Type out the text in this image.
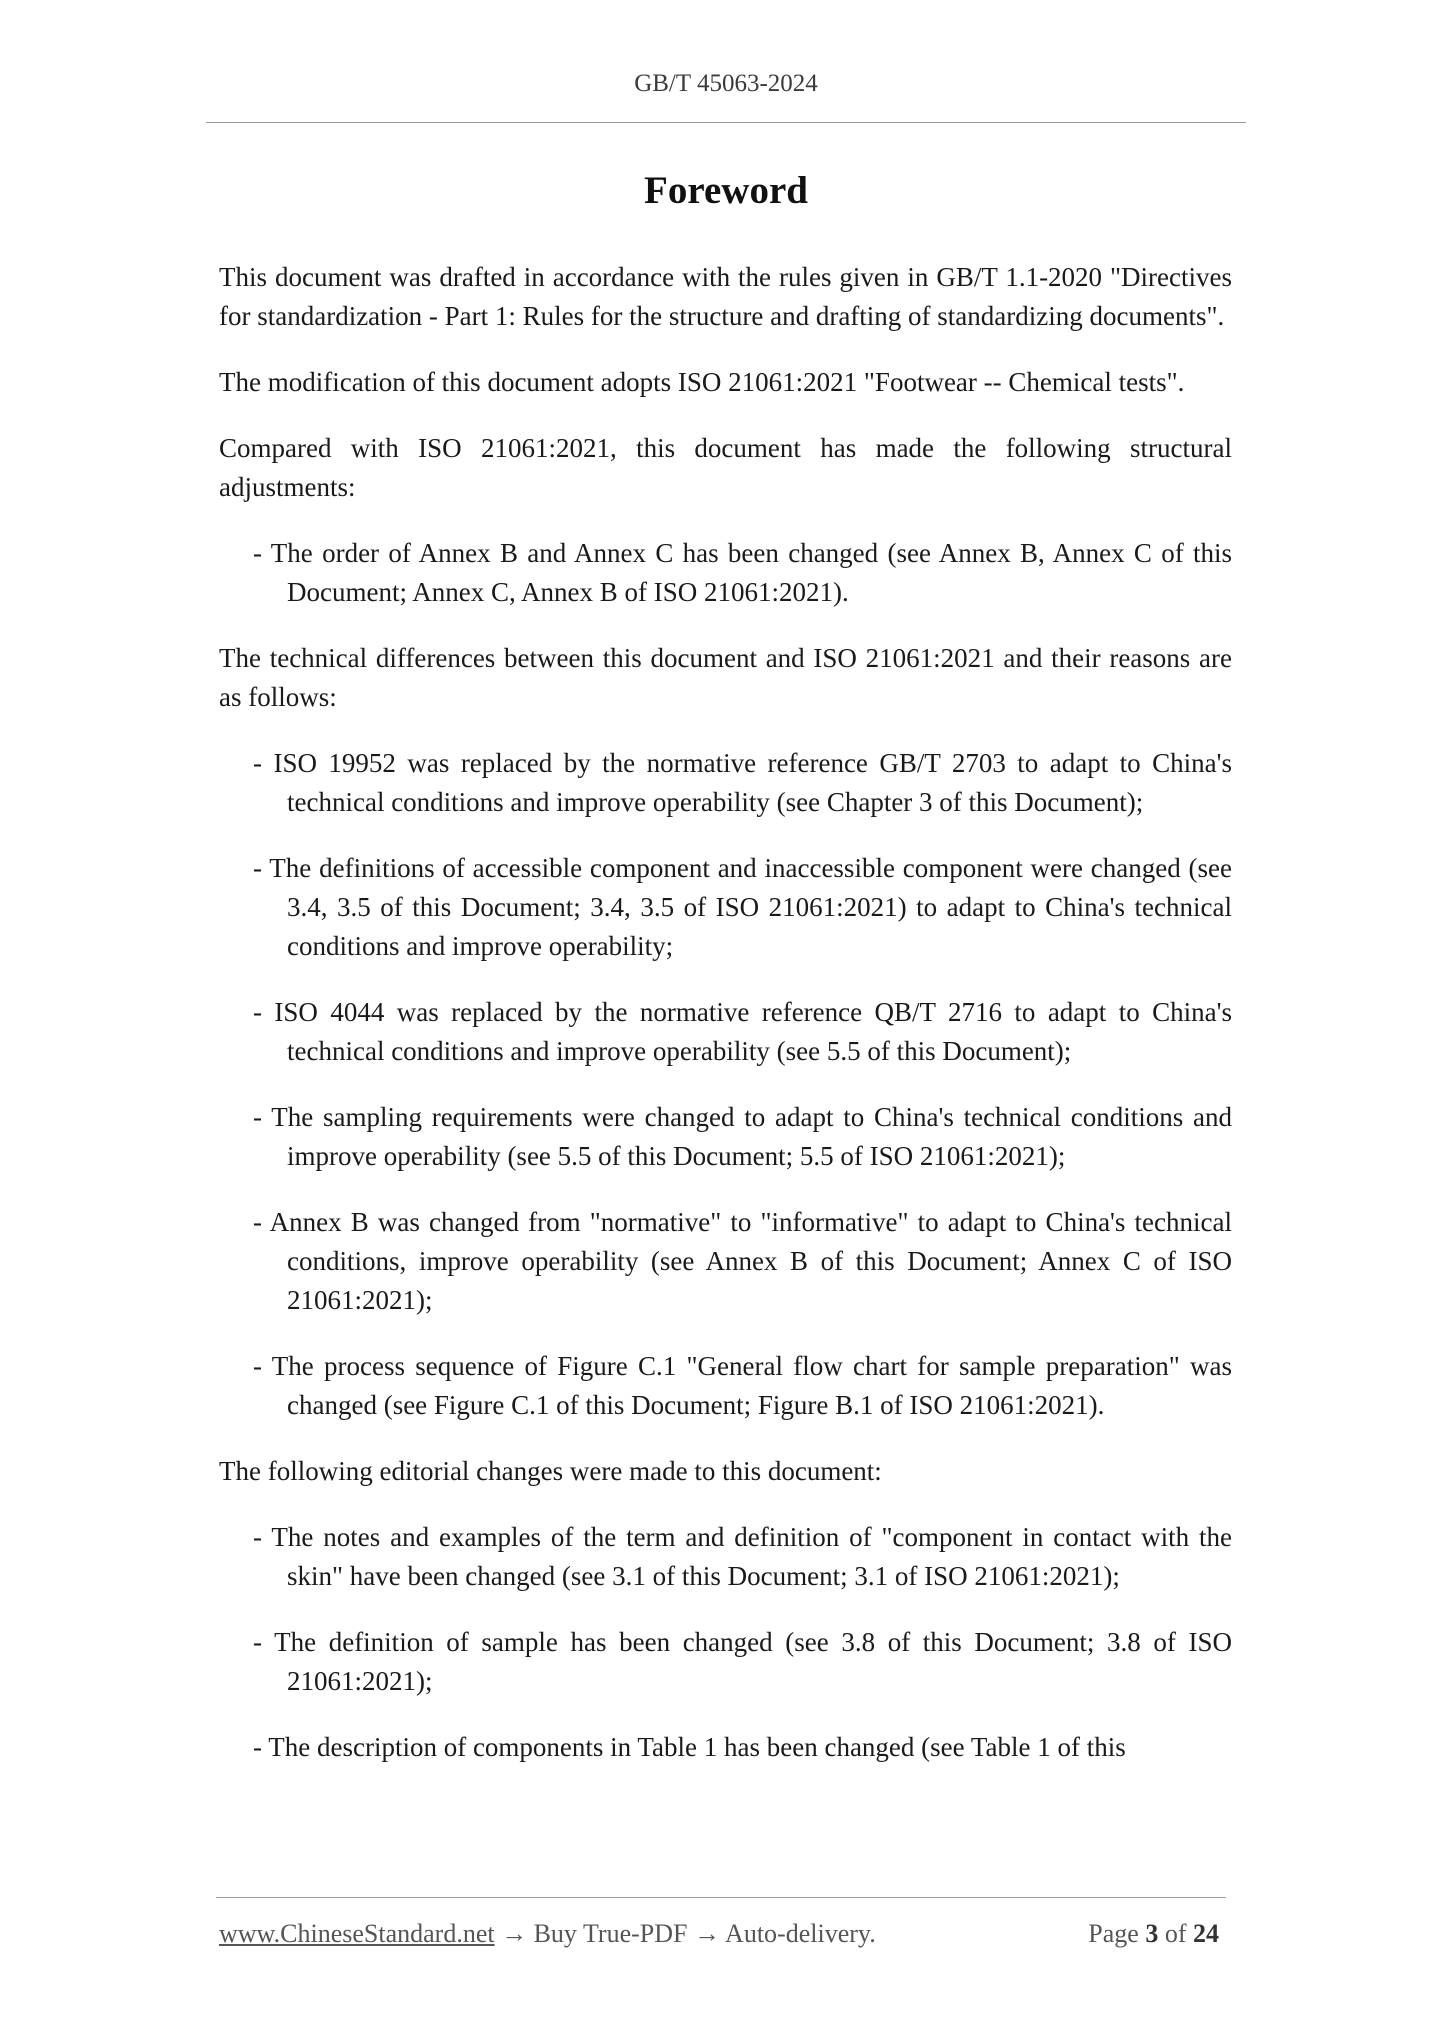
GB/T 45063-2024
Foreword

This document was drafted in accordance with the rules given in GB/T 1.1-2020 "Directives for standardization - Part 1: Rules for the structure and drafting of standardizing documents".

The modification of this document adopts ISO 21061:2021 "Footwear -- Chemical tests".

Compared with ISO 21061:2021, this document has made the following structural adjustments:

- The order of Annex B and Annex C has been changed (see Annex B, Annex C of this Document; Annex C, Annex B of ISO 21061:2021).

The technical differences between this document and ISO 21061:2021 and their reasons are as follows:

- ISO 19952 was replaced by the normative reference GB/T 2703 to adapt to China's technical conditions and improve operability (see Chapter 3 of this Document);

- The definitions of accessible component and inaccessible component were changed (see 3.4, 3.5 of this Document; 3.4, 3.5 of ISO 21061:2021) to adapt to China's technical conditions and improve operability;

- ISO 4044 was replaced by the normative reference QB/T 2716 to adapt to China's technical conditions and improve operability (see 5.5 of this Document);

- The sampling requirements were changed to adapt to China's technical conditions and improve operability (see 5.5 of this Document; 5.5 of ISO 21061:2021);

- Annex B was changed from "normative" to "informative" to adapt to China's technical conditions, improve operability (see Annex B of this Document; Annex C of ISO 21061:2021);

- The process sequence of Figure C.1 "General flow chart for sample preparation" was changed (see Figure C.1 of this Document; Figure B.1 of ISO 21061:2021).

The following editorial changes were made to this document:

- The notes and examples of the term and definition of "component in contact with the skin" have been changed (see 3.1 of this Document; 3.1 of ISO 21061:2021);

- The definition of sample has been changed (see 3.8 of this Document; 3.8 of ISO 21061:2021);

- The description of components in Table 1 has been changed (see Table 1 of this

www.ChineseStandard.net → Buy True-PDF → Auto-delivery.	Page 3 of 24
